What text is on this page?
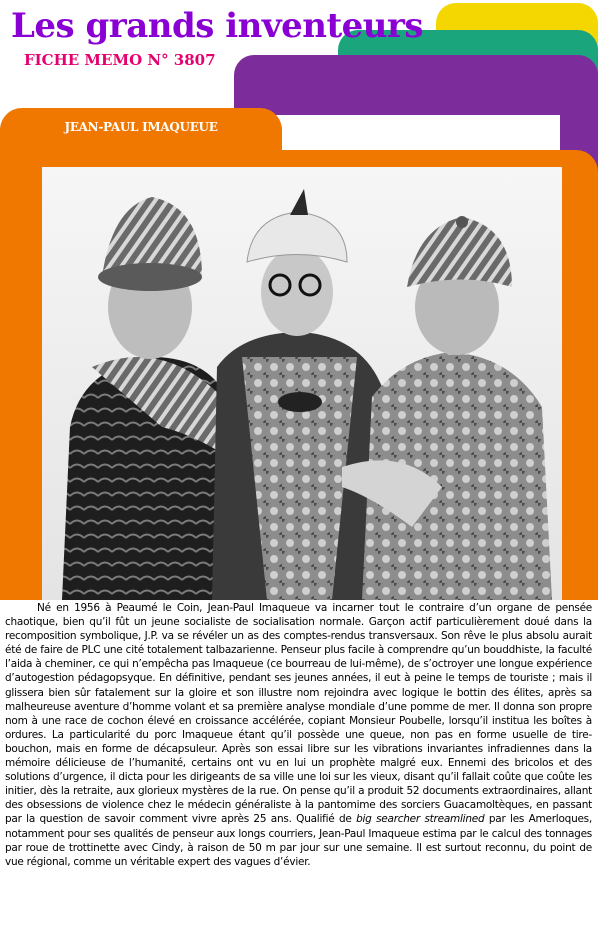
Les grands inventeurs
FICHE MEMO N° 3807
JEAN-PAUL IMAQUEUE

Né en 1956 à Peaumé le Coin, Jean-Paul Imaqueue va incarner tout le contraire d’un organe de pensée chaotique, bien qu’il fût un jeune socialiste de socialisation normale. Garçon actif particulièrement doué dans la recomposition symbolique, J.P. va se révéler un as des comptes-rendus transversaux. Son rêve le plus absolu aurait été de faire de PLC une cité totalement talbazarienne. Penseur plus facile à comprendre qu’un bouddhiste, la faculté l’aida à cheminer, ce qui n’empêcha pas Imaqueue (ce bourreau de lui-même), de s’octroyer une longue expérience d’autogestion pédagopsyque. En définitive, pendant ses jeunes années, il eut à peine le temps de touriste ; mais il glissera bien sûr fatalement sur la gloire et son illustre nom rejoindra avec logique le bottin des élites, après sa malheureuse aventure d’homme volant et sa première analyse mondiale d’une pomme de mer. Il donna son propre nom à une race de cochon élevé en croissance accélérée, copiant Monsieur Poubelle, lorsqu’il institua les boîtes à ordures. La particularité du porc Imaqueue étant qu’il possède une queue, non pas en forme usuelle de tire-bouchon, mais en forme de décapsuleur. Après son essai libre sur les vibrations invariantes infradiennes dans la mémoire délicieuse de l’humanité, certains ont vu en lui un prophète malgré eux. Ennemi des bricolos et des solutions d’urgence, il dicta pour les dirigeants de sa ville une loi sur les vieux, disant qu’il fallait coûte que coûte les initier, dès la retraite, aux glorieux mystères de la rue. On pense qu’il a produit 52 documents extraordinaires, allant des obsessions de violence chez le médecin généraliste à la pantomime des sorciers Guacamoltèques, en passant par la question de savoir comment vivre après 25 ans. Qualifié de big searcher streamlined par les Amerloques, notamment pour ses qualités de penseur aux longs courriers, Jean-Paul Imaqueue estima par le calcul des tonnages par roue de trottinette avec Cindy, à raison de 50 m par jour sur une semaine. Il est surtout reconnu, du point de vue régional, comme un véritable expert des vagues d’évier.
